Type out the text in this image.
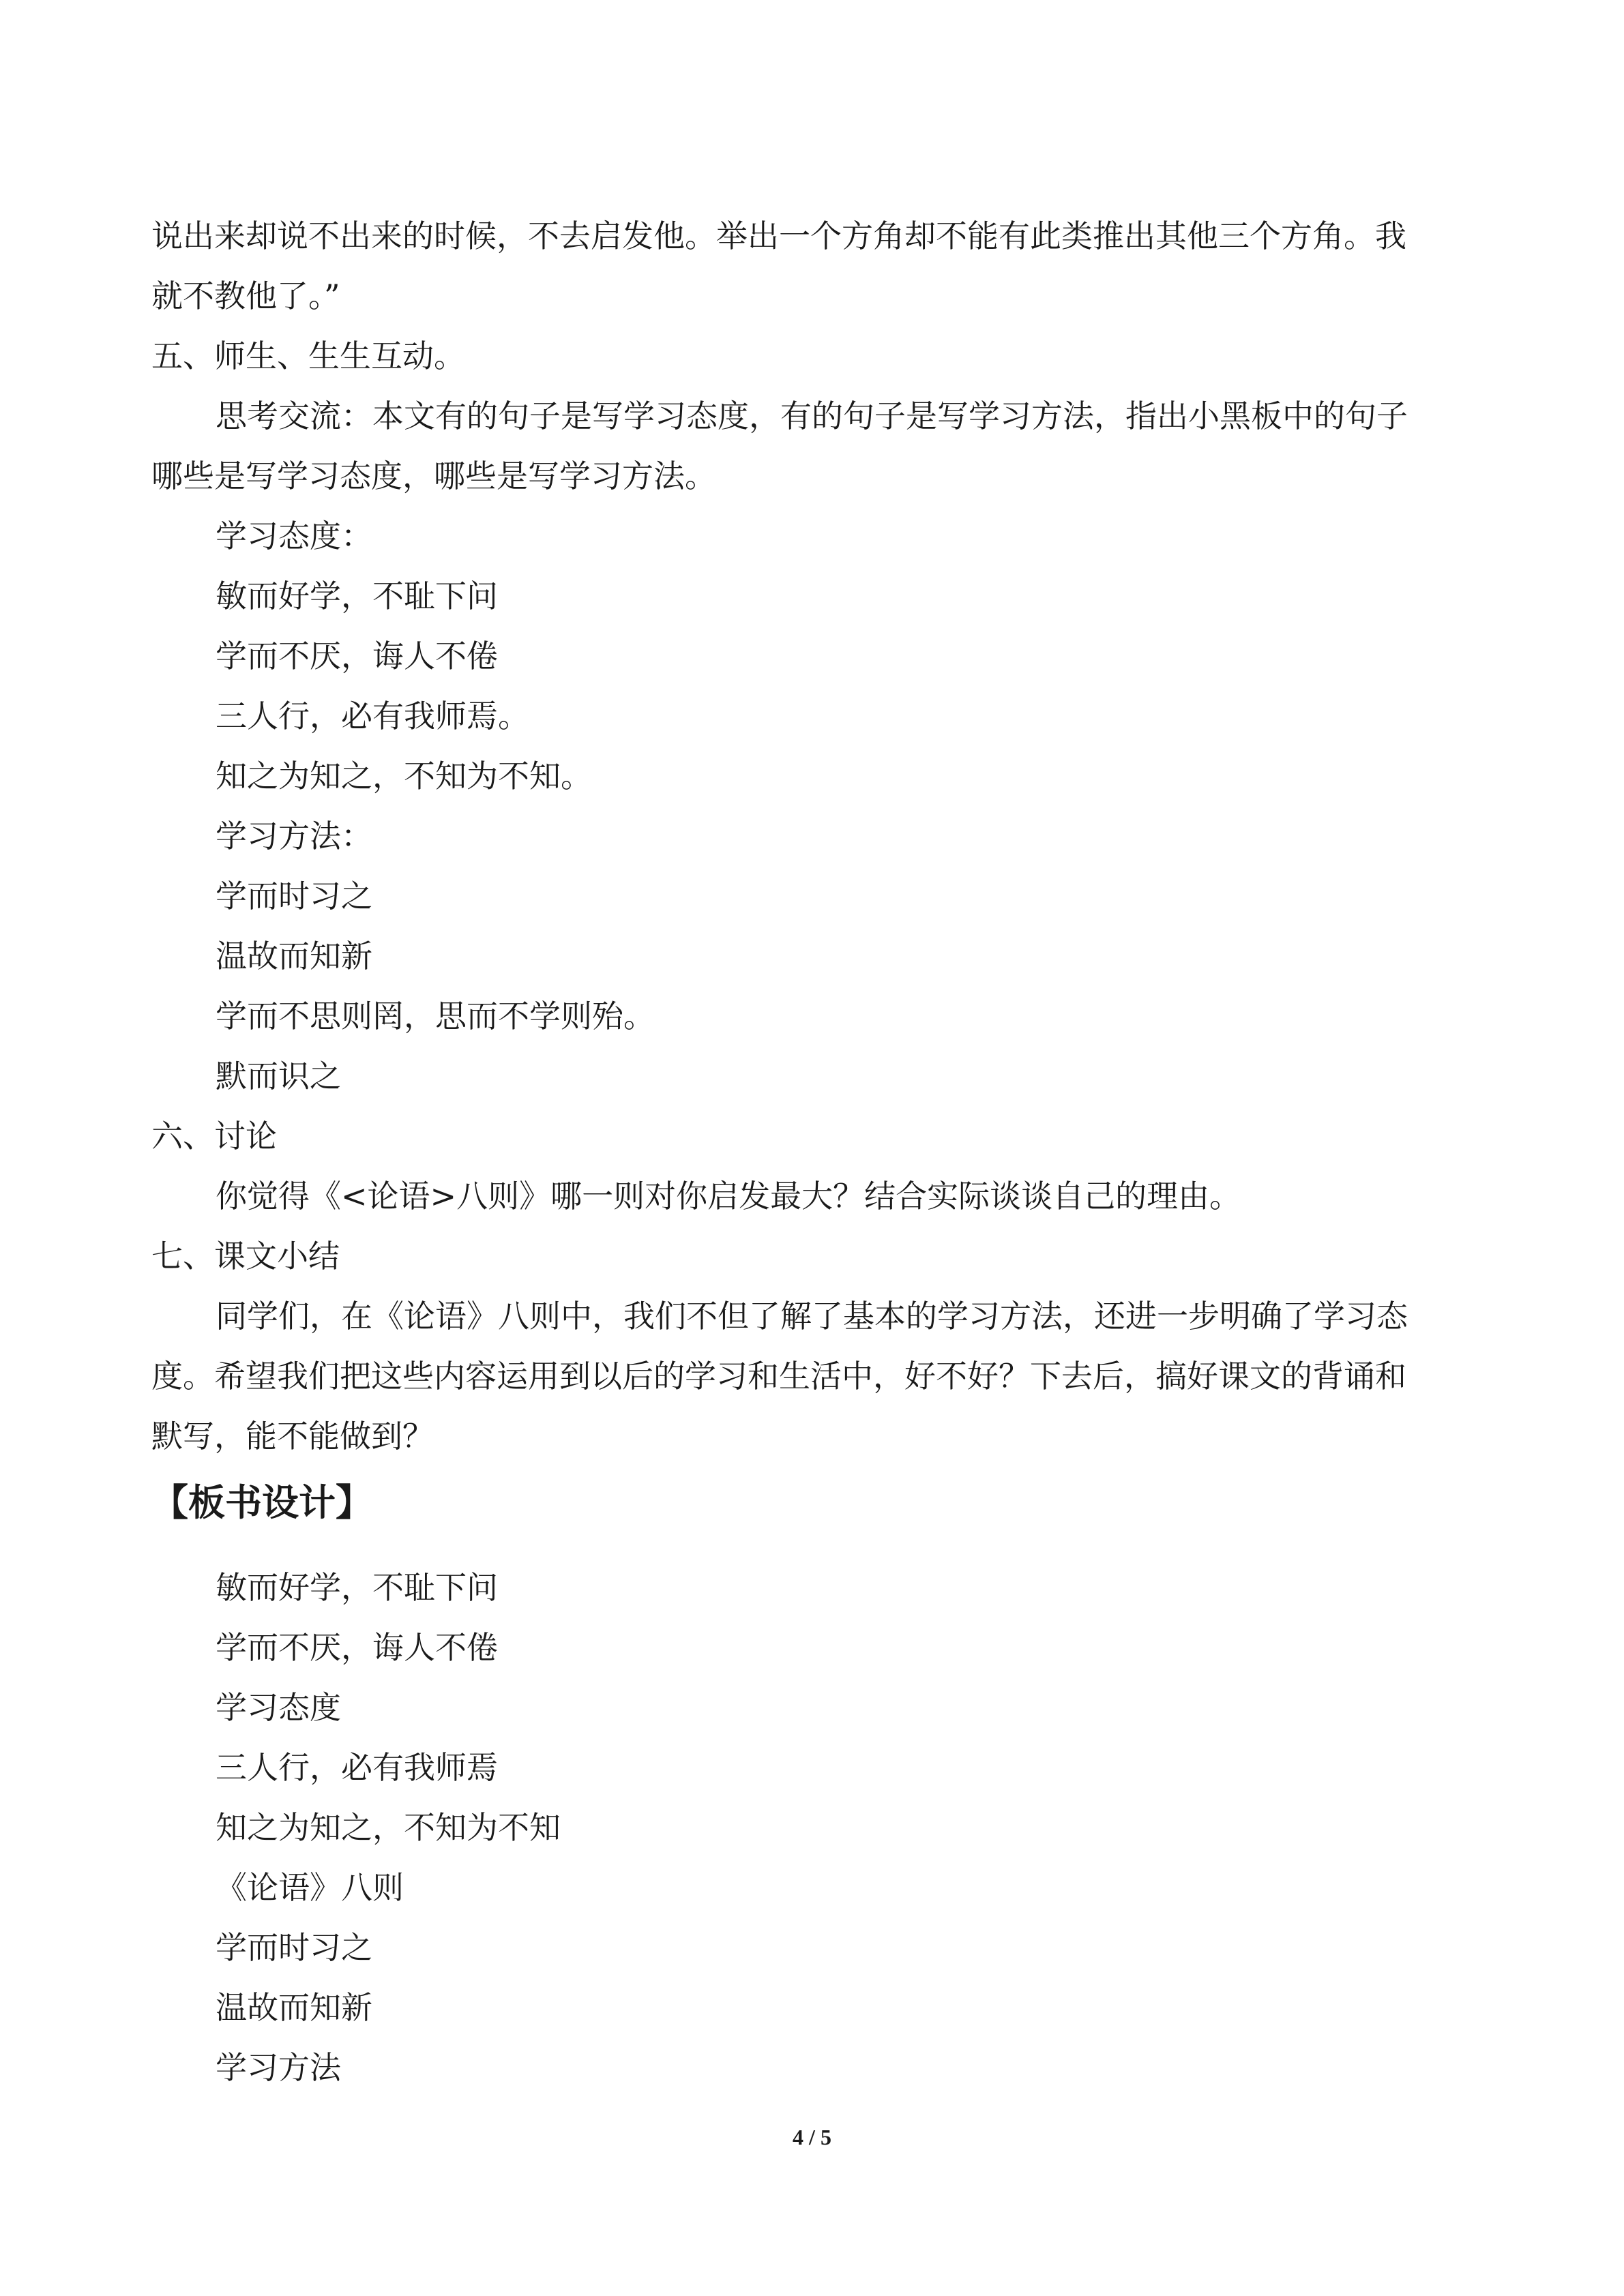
说出来却说不出来的时候，不去启发他。举出一个方角却不能有此类推出其他三个方角。我
就不教他了。”
五、师生、生生互动。
思考交流：本文有的句子是写学习态度，有的句子是写学习方法，指出小黑板中的句子
哪些是写学习态度，哪些是写学习方法。
学习态度：
敏而好学，不耻下问
学而不厌，诲人不倦
三人行，必有我师焉。
知之为知之，不知为不知。
学习方法：
学而时习之
温故而知新
学而不思则罔，思而不学则殆。
默而识之
六、讨论
你觉得《<论语>八则》哪一则对你启发最大？结合实际谈谈自己的理由。
七、课文小结
同学们，在《论语》八则中，我们不但了解了基本的学习方法，还进一步明确了学习态
度。希望我们把这些内容运用到以后的学习和生活中，好不好？下去后，搞好课文的背诵和
默写，能不能做到？
【板书设计】
敏而好学，不耻下问
学而不厌，诲人不倦
学习态度
三人行，必有我师焉
知之为知之，不知为不知
《论语》八则
学而时习之
温故而知新
学习方法
4 / 5
